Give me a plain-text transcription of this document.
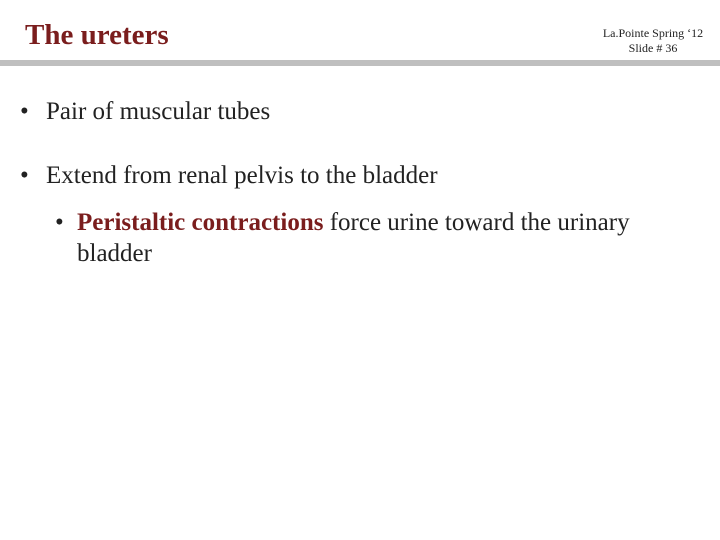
The ureters	La.Pointe Spring ‘12
Slide # 36
• Pair of muscular tubes
• Extend from renal pelvis to the bladder
• Peristaltic contractions force urine toward the urinary bladder
